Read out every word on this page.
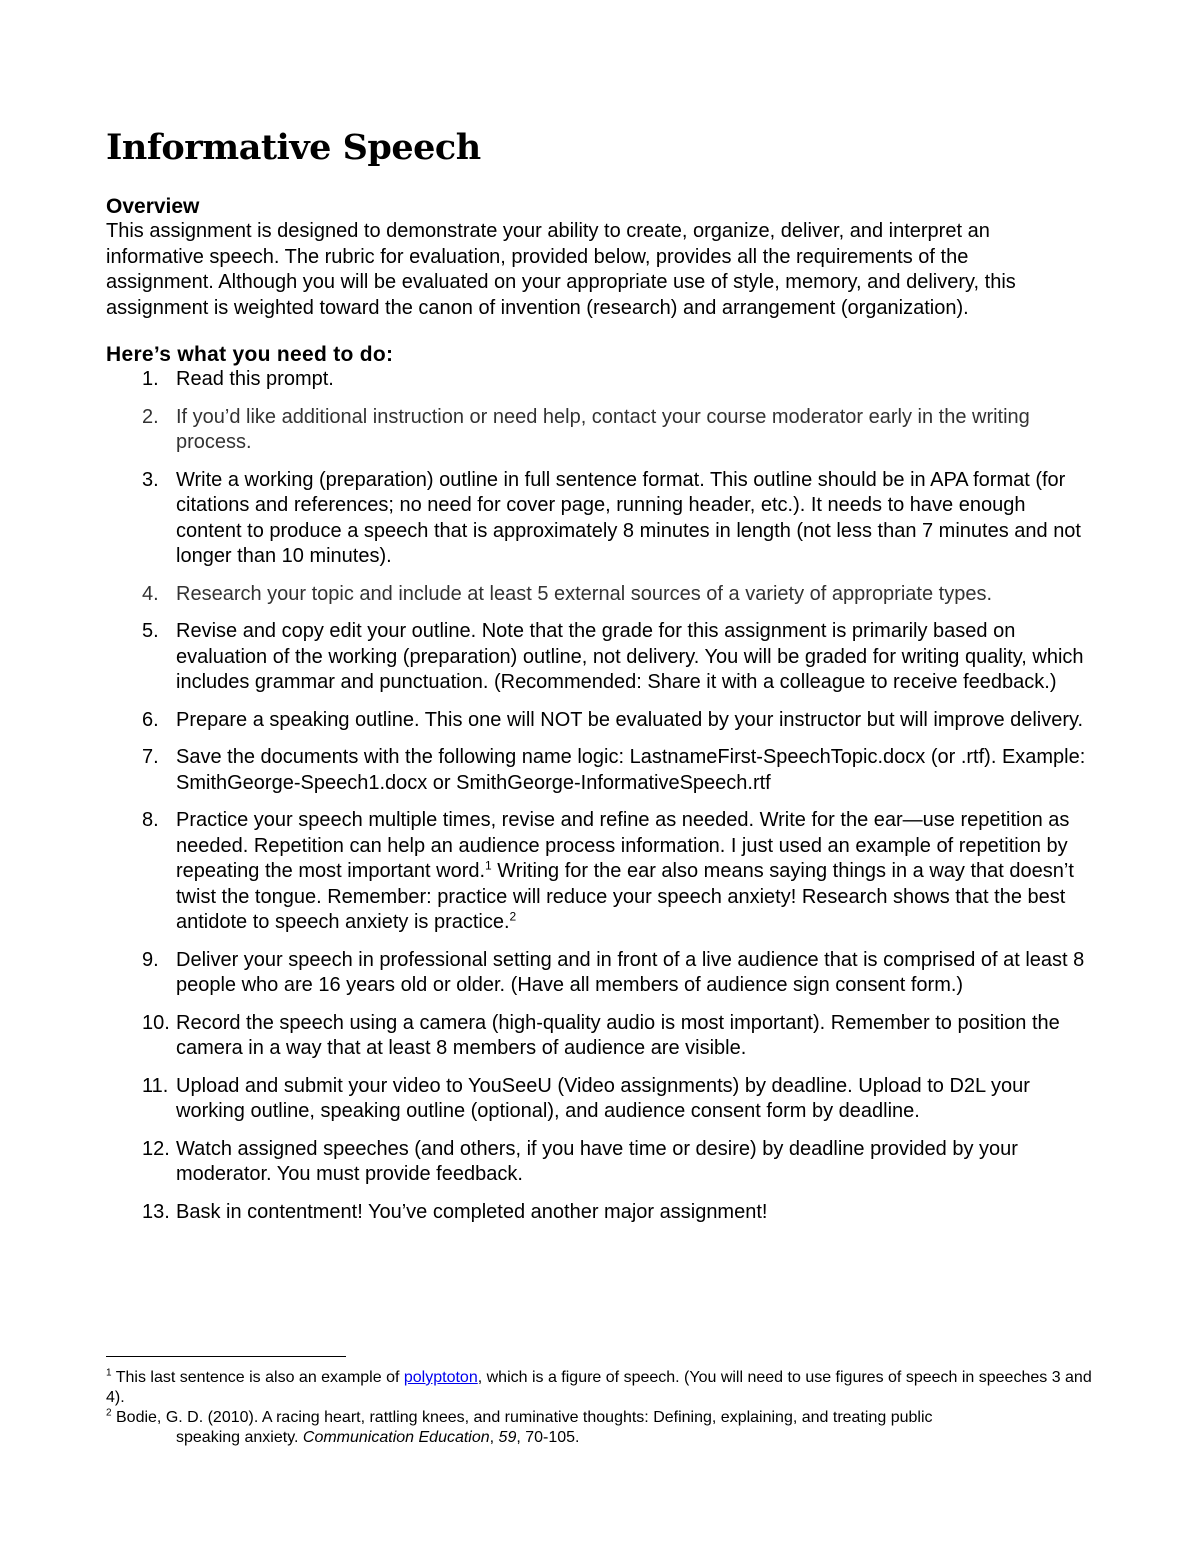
Informative Speech
Overview

This assignment is designed to demonstrate your ability to create, organize, deliver, and interpret an informative speech. The rubric for evaluation, provided below, provides all the requirements of the assignment. Although you will be evaluated on your appropriate use of style, memory, and delivery, this assignment is weighted toward the canon of invention (research) and arrangement (organization).

Here’s what you need to do:
1. Read this prompt.
2. If you’d like additional instruction or need help, contact your course moderator early in the writing process.
3. Write a working (preparation) outline in full sentence format. This outline should be in APA format (for citations and references; no need for cover page, running header, etc.). It needs to have enough content to produce a speech that is approximately 8 minutes in length (not less than 7 minutes and not longer than 10 minutes).
4. Research your topic and include at least 5 external sources of a variety of appropriate types.
5. Revise and copy edit your outline. Note that the grade for this assignment is primarily based on evaluation of the working (preparation) outline, not delivery. You will be graded for writing quality, which includes grammar and punctuation. (Recommended: Share it with a colleague to receive feedback.)
6. Prepare a speaking outline. This one will NOT be evaluated by your instructor but will improve delivery.
7. Save the documents with the following name logic: LastnameFirst-SpeechTopic.docx (or .rtf). Example: SmithGeorge-Speech1.docx or SmithGeorge-InformativeSpeech.rtf
8. Practice your speech multiple times, revise and refine as needed. Write for the ear—use repetition as needed. Repetition can help an audience process information. I just used an example of repetition by repeating the most important word.$^1$ Writing for the ear also means saying things in a way that doesn’t twist the tongue. Remember: practice will reduce your speech anxiety! Research shows that the best antidote to speech anxiety is practice.$^2$
9. Deliver your speech in professional setting and in front of a live audience that is comprised of at least 8 people who are 16 years old or older. (Have all members of audience sign consent form.)
10. Record the speech using a camera (high-quality audio is most important). Remember to position the camera in a way that at least 8 members of audience are visible.
11. Upload and submit your video to YouSeeU (Video assignments) by deadline. Upload to D2L your working outline, speaking outline (optional), and audience consent form by deadline.
12. Watch assigned speeches (and others, if you have time or desire) by deadline provided by your moderator. You must provide feedback.
13. Bask in contentment! You’ve completed another major assignment!

$^1$ This last sentence is also an example of polyptoton, which is a figure of speech. (You will need to use figures of speech in speeches 3 and 4).

$^2$ Bodie, G. D. (2010). A racing heart, rattling knees, and ruminative thoughts: Defining, explaining, and treating public
speaking anxiety. Communication Education, 59, 70-105.
